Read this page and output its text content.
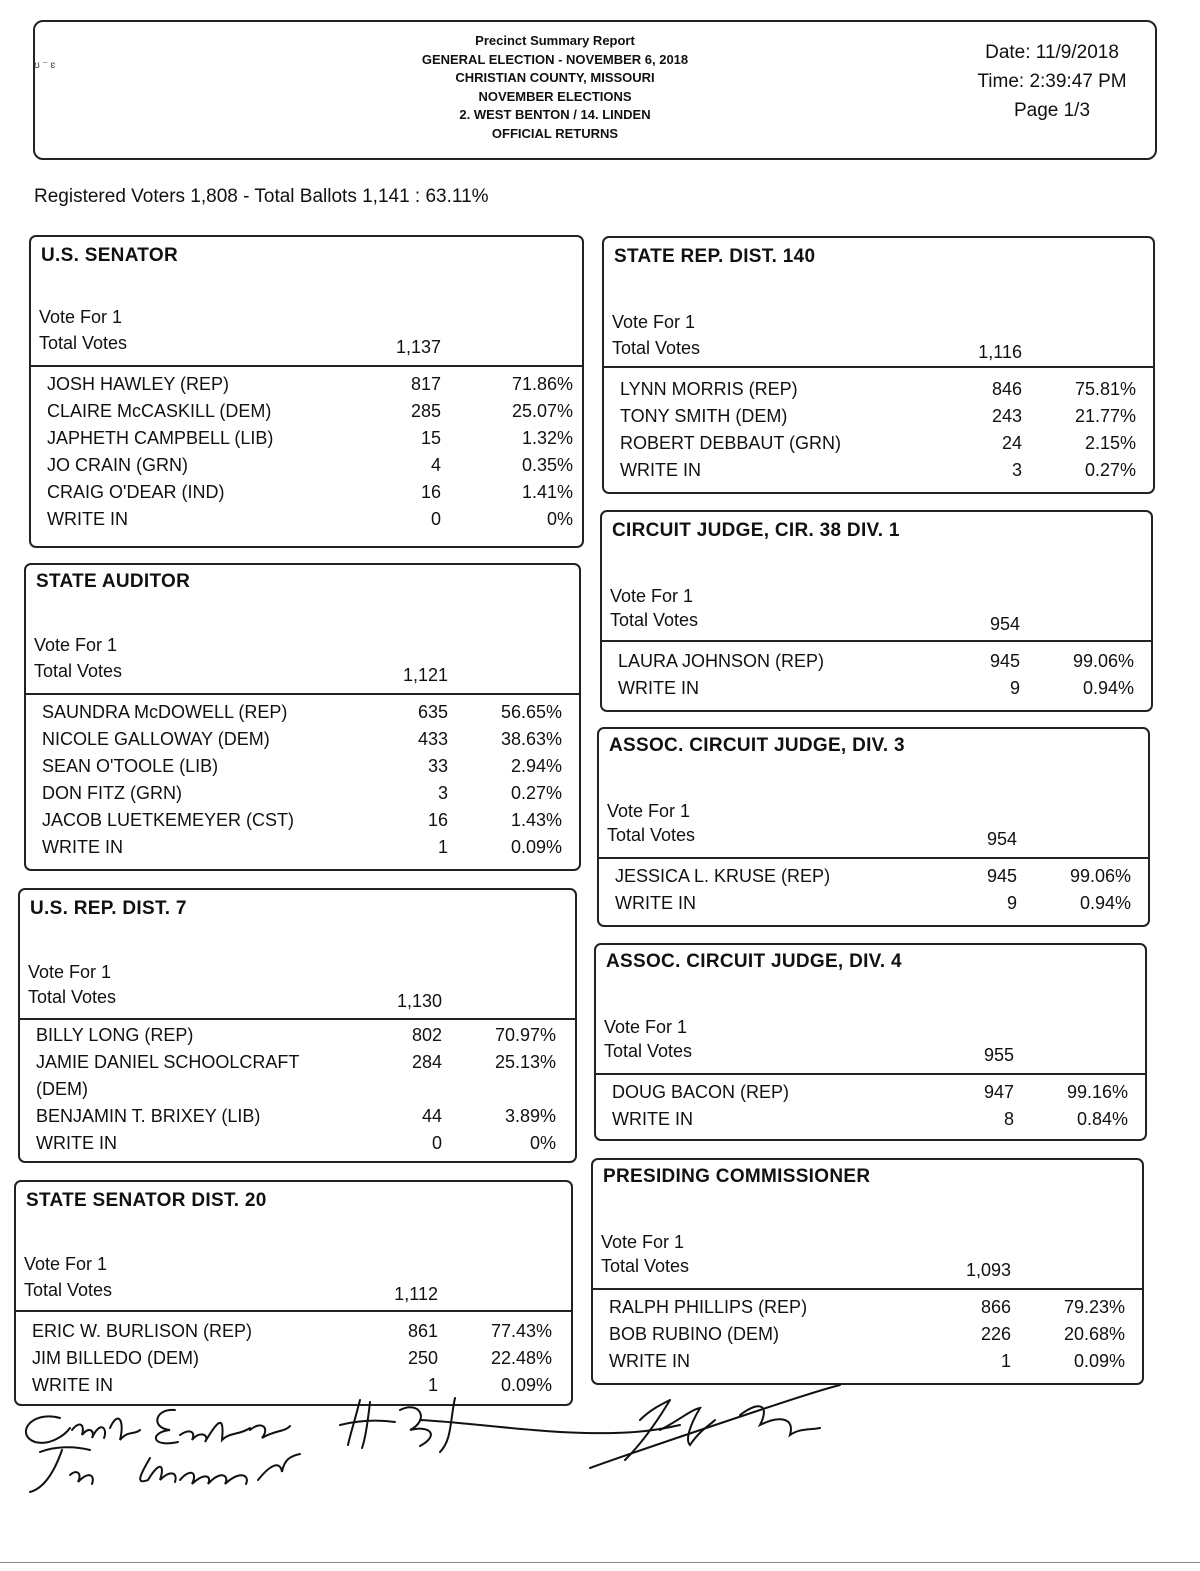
Precinct Summary Report
GENERAL ELECTION - NOVEMBER 6, 2018
CHRISTIAN COUNTY, MISSOURI
NOVEMBER ELECTIONS
2. WEST BENTON / 14. LINDEN
OFFICIAL RETURNS
Date: 11/9/2018
Time: 2:39:47 PM
Page 1/3
ʊ ⁻ ɛ
Registered Voters 1,808 - Total Ballots 1,141 : 63.11%
U.S. SENATOR
Vote For 1
Total Votes	1,137
JOSH HAWLEY (REP)	817	71.86%
CLAIRE McCASKILL (DEM)	285	25.07%
JAPHETH CAMPBELL (LIB)	15	1.32%
JO CRAIN (GRN)	4	0.35%
CRAIG O'DEAR (IND)	16	1.41%
WRITE IN	0	0%
STATE AUDITOR
Vote For 1
Total Votes	1,121
SAUNDRA McDOWELL (REP)	635	56.65%
NICOLE GALLOWAY (DEM)	433	38.63%
SEAN O'TOOLE (LIB)	33	2.94%
DON FITZ (GRN)	3	0.27%
JACOB LUETKEMEYER (CST)	16	1.43%
WRITE IN	1	0.09%
U.S. REP. DIST. 7
Vote For 1
Total Votes	1,130
BILLY LONG (REP)	802	70.97%
JAMIE DANIEL SCHOOLCRAFT	284	25.13%
(DEM)
BENJAMIN T. BRIXEY (LIB)	44	3.89%
WRITE IN	0	0%
STATE SENATOR DIST. 20
Vote For 1
Total Votes	1,112
ERIC W. BURLISON (REP)	861	77.43%
JIM BILLEDO (DEM)	250	22.48%
WRITE IN	1	0.09%
STATE REP. DIST. 140
Vote For 1
Total Votes	1,116
LYNN MORRIS (REP)	846	75.81%
TONY SMITH (DEM)	243	21.77%
ROBERT DEBBAUT (GRN)	24	2.15%
WRITE IN	3	0.27%
CIRCUIT JUDGE, CIR. 38 DIV. 1
Vote For 1
Total Votes	954
LAURA JOHNSON (REP)	945	99.06%
WRITE IN	9	0.94%
ASSOC. CIRCUIT JUDGE, DIV. 3
Vote For 1
Total Votes	954
JESSICA L. KRUSE (REP)	945	99.06%
WRITE IN	9	0.94%
ASSOC. CIRCUIT JUDGE, DIV. 4
Vote For 1
Total Votes	955
DOUG BACON (REP)	947	99.16%
WRITE IN	8	0.84%
PRESIDING COMMISSIONER
Vote For 1
Total Votes	1,093
RALPH PHILLIPS (REP)	866	79.23%
BOB RUBINO (DEM)	226	20.68%
WRITE IN	1	0.09%
